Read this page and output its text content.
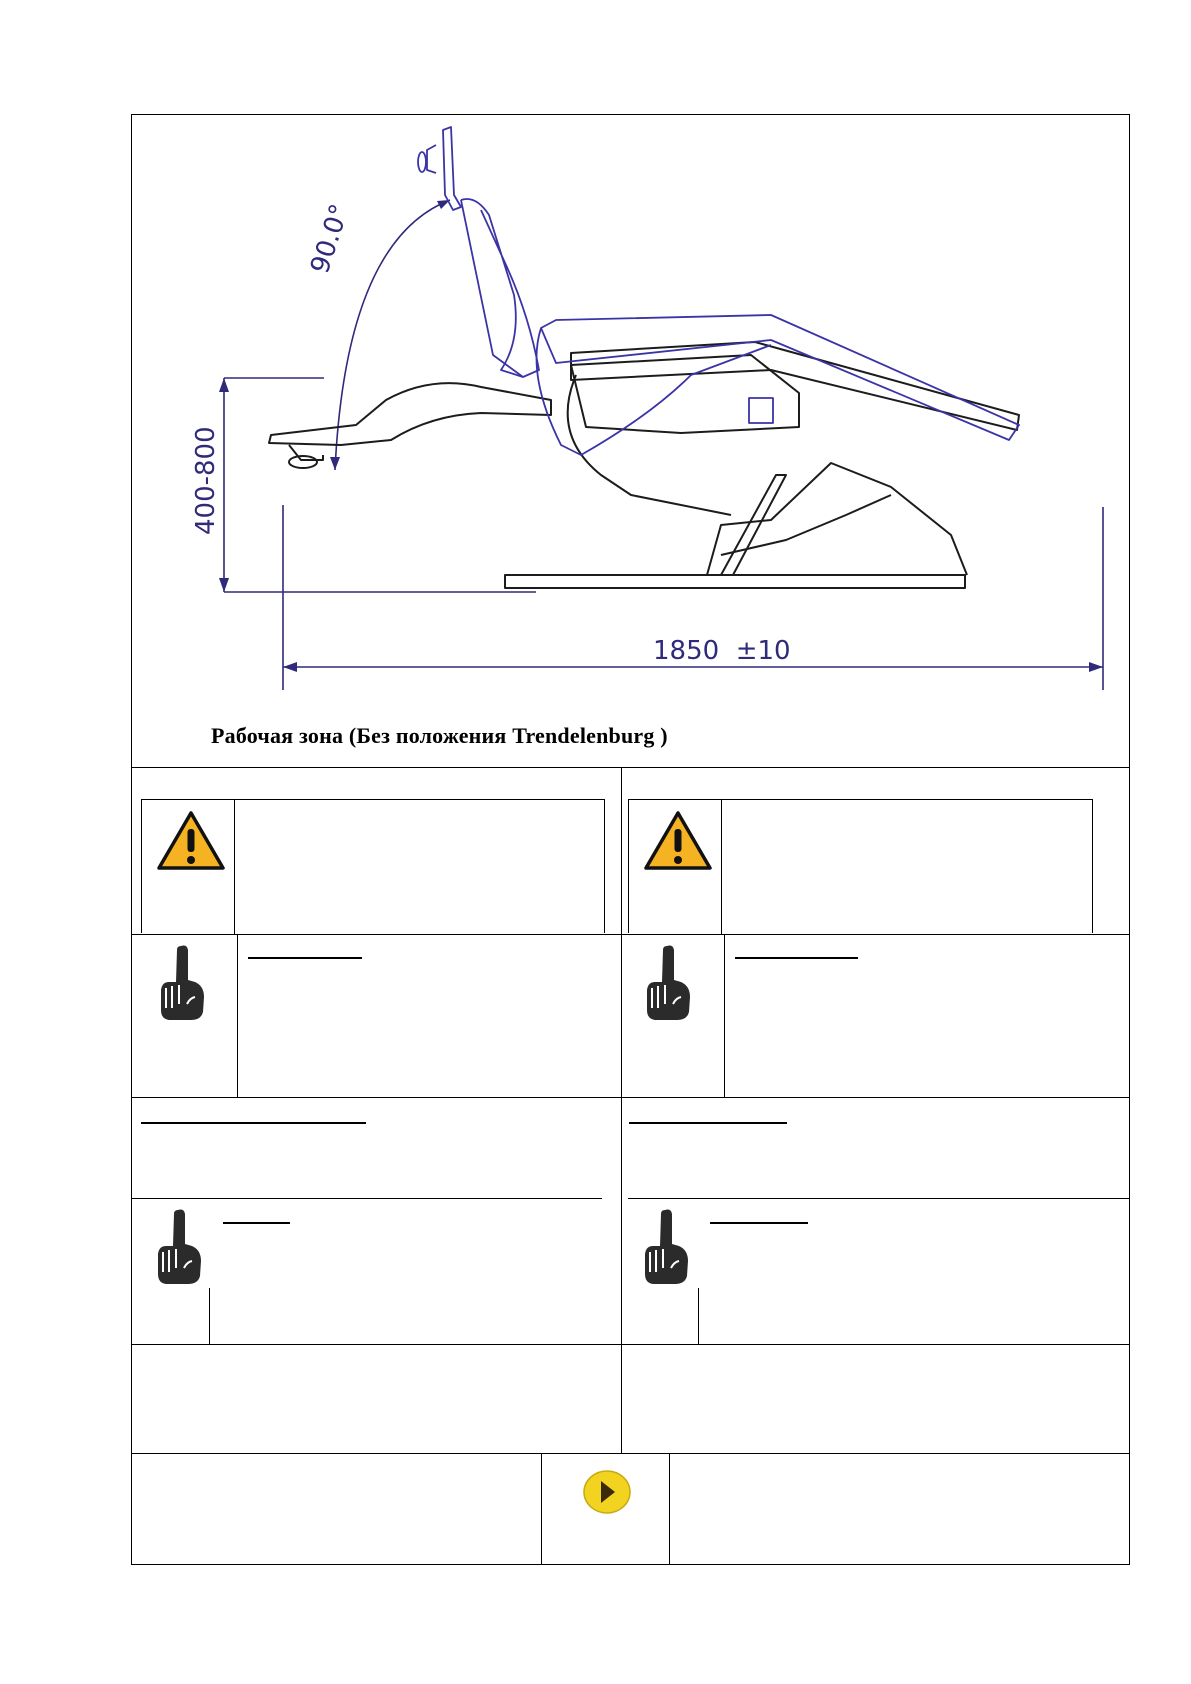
90.0°
400-800
1850  ±10
Рабочая зона (Без положения Trendelenburg )
